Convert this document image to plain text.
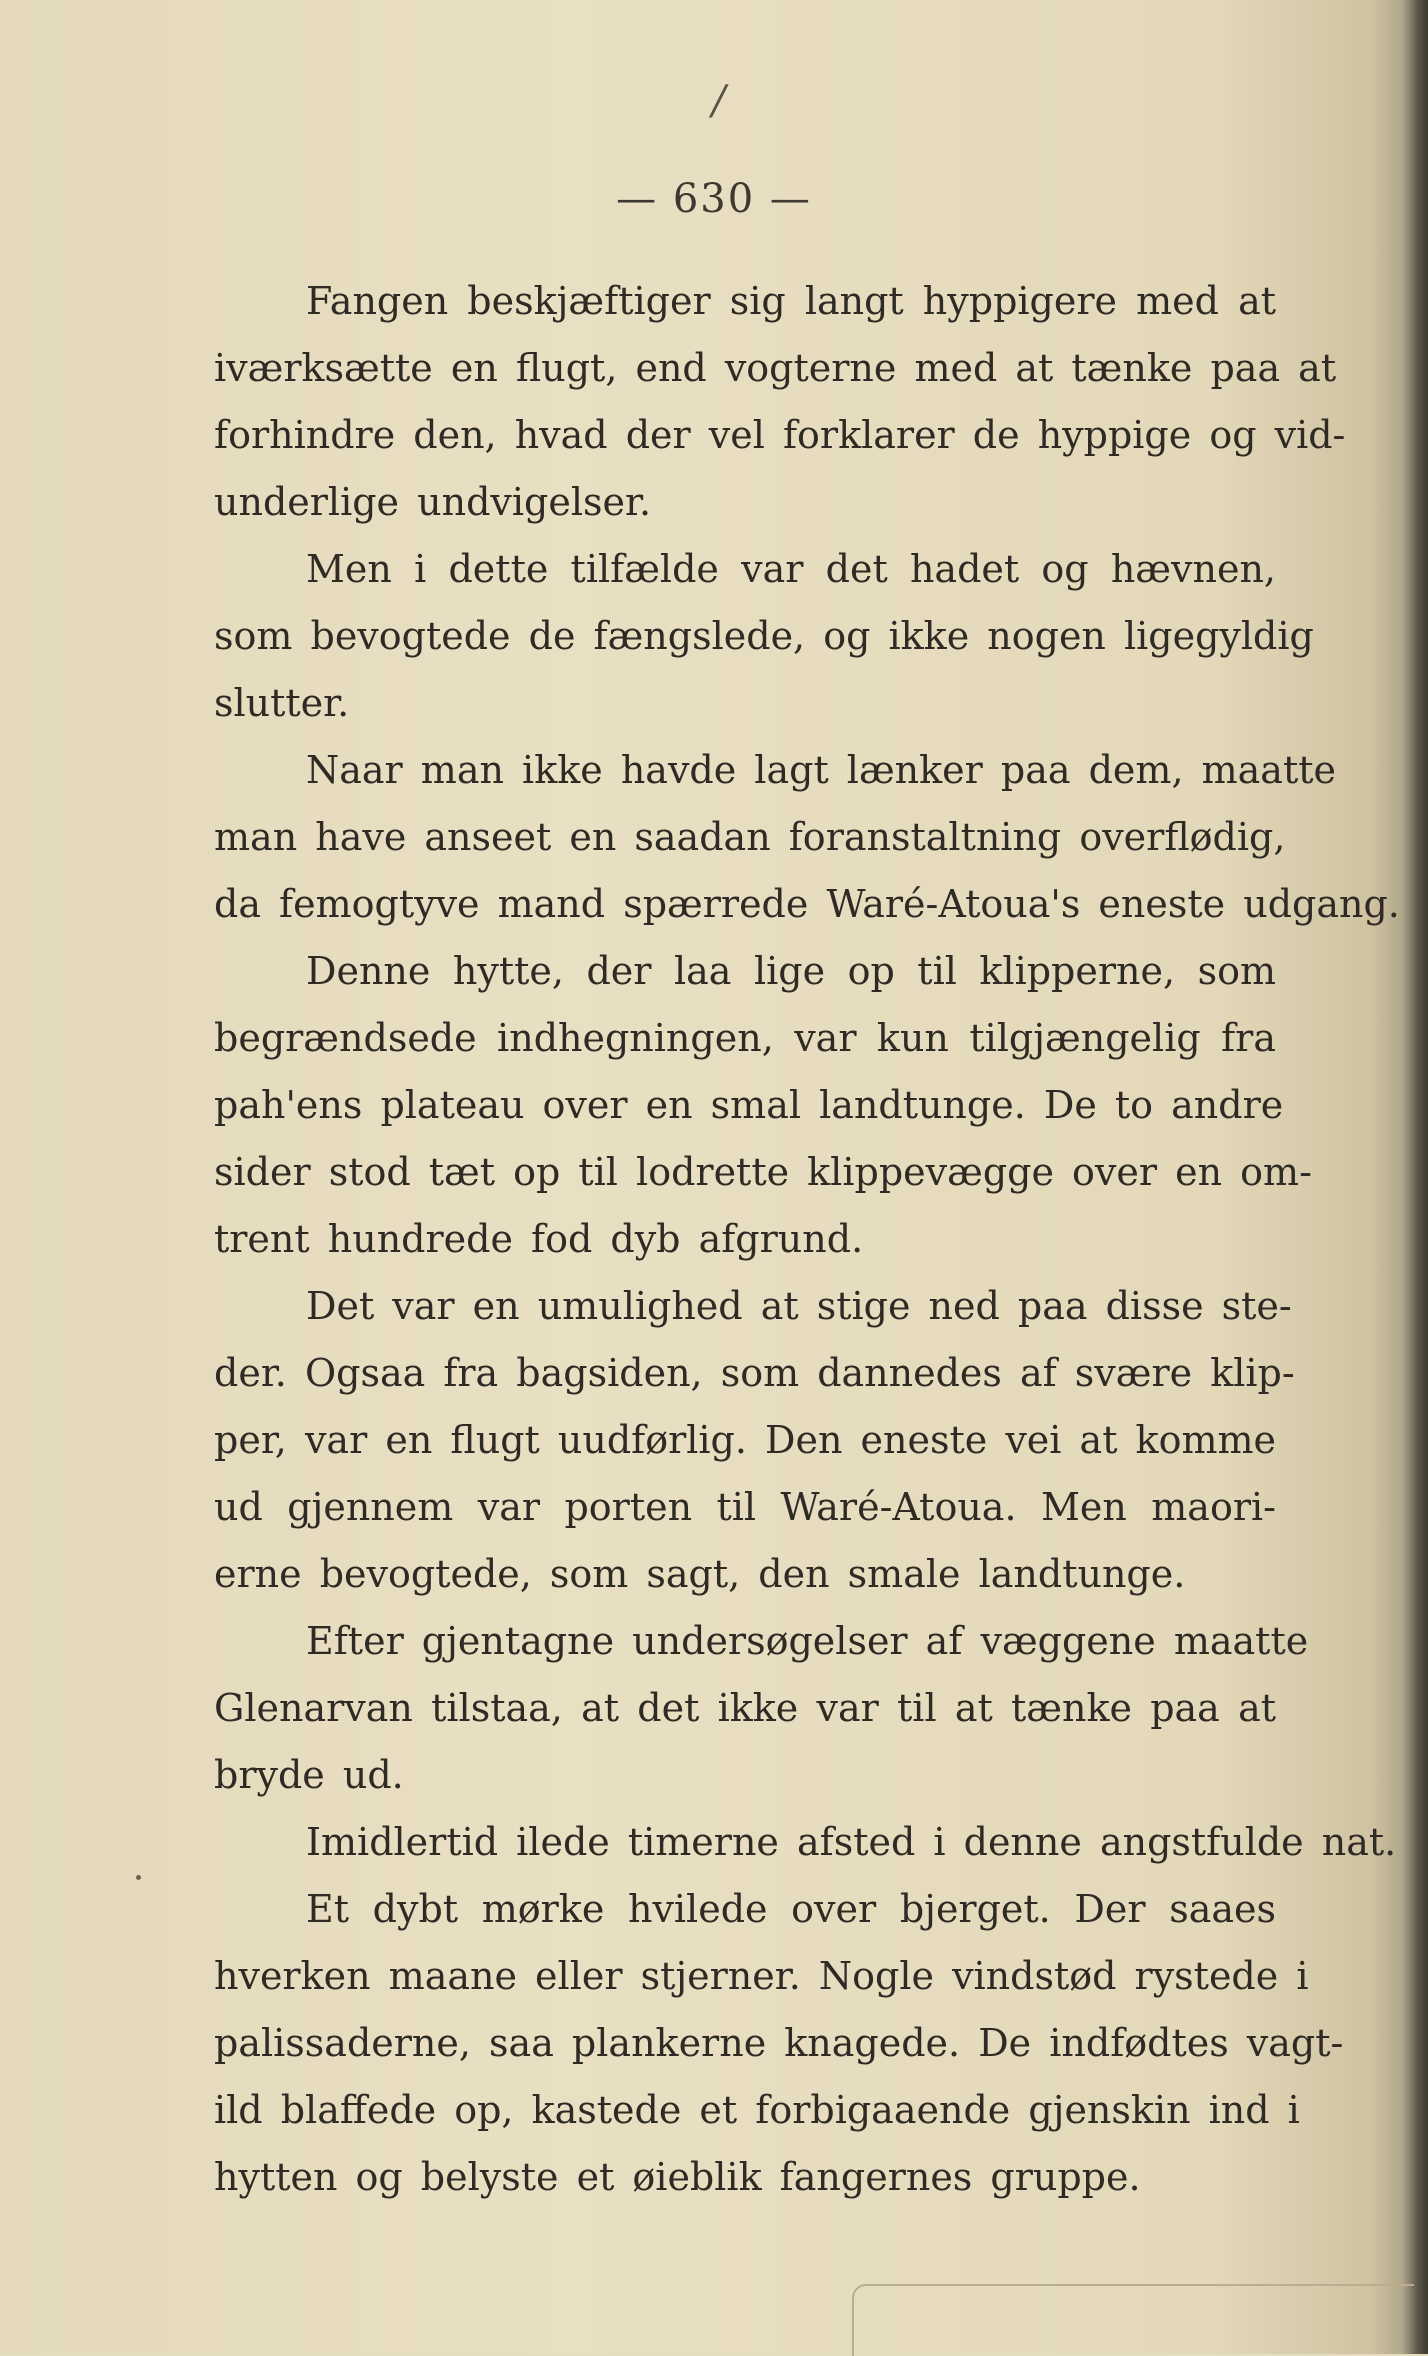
/
— 630 —

Fangen beskjæftiger sig langt hyppigere med at

iværksætte en flugt, end vogterne med at tænke paa at

forhindre den, hvad der vel forklarer de hyppige og vid-

underlige undvigelser.

Men i dette tilfælde var det hadet og hævnen,

som bevogtede de fængslede, og ikke nogen ligegyldig

slutter.

Naar man ikke havde lagt lænker paa dem, maatte

man have anseet en saadan foranstaltning overflødig,

da femogtyve mand spærrede Waré-Atoua's eneste udgang.

Denne hytte, der laa lige op til klipperne, som

begrændsede indhegningen, var kun tilgjængelig fra

pah'ens plateau over en smal landtunge. De to andre

sider stod tæt op til lodrette klippevægge over en om-

trent hundrede fod dyb afgrund.

Det var en umulighed at stige ned paa disse ste-

der. Ogsaa fra bagsiden, som dannedes af svære klip-

per, var en flugt uudførlig. Den eneste vei at komme

ud gjennem var porten til Waré-Atoua. Men maori-

erne bevogtede, som sagt, den smale landtunge.

Efter gjentagne undersøgelser af væggene maatte

Glenarvan tilstaa, at det ikke var til at tænke paa at

bryde ud.

Imidlertid ilede timerne afsted i denne angstfulde nat.

Et dybt mørke hvilede over bjerget. Der saaes

hverken maane eller stjerner. Nogle vindstød rystede i

palissaderne, saa plankerne knagede. De indfødtes vagt-

ild blaffede op, kastede et forbigaaende gjenskin ind i

hytten og belyste et øieblik fangernes gruppe.
